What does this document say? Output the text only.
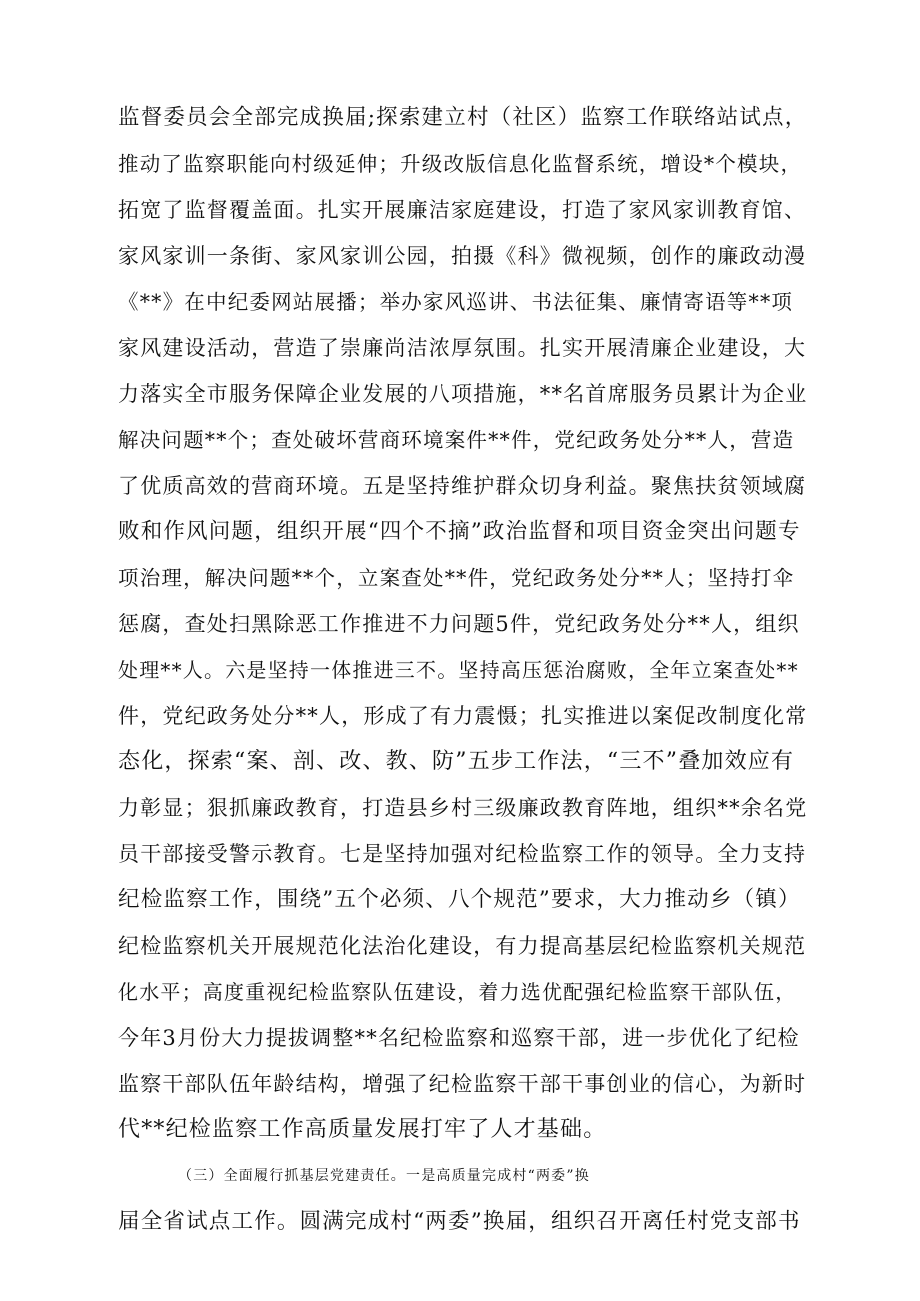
监督委员会全部完成换届;探索建立村（社区）监察工作联络站试点，
推动了监察职能向村级延伸；升级改版信息化监督系统，增设*个模块，
拓宽了监督覆盖面。扎实开展廉洁家庭建设，打造了家风家训教育馆、
家风家训一条街、家风家训公园，拍摄《科》微视频，创作的廉政动漫
《**》在中纪委网站展播；举办家风巡讲、书法征集、廉情寄语等**项
家风建设活动，营造了崇廉尚洁浓厚氛围。扎实开展清廉企业建设，大
力落实全市服务保障企业发展的八项措施，**名首席服务员累计为企业
解决问题**个；查处破坏营商环境案件**件，党纪政务处分**人，营造
了优质高效的营商环境。五是坚持维护群众切身利益。聚焦扶贫领域腐
败和作风问题，组织开展“四个不摘”政治监督和项目资金突出问题专
项治理，解决问题**个，立案查处**件，党纪政务处分**人；坚持打伞
惩腐，查处扫黑除恶工作推进不力问题5件，党纪政务处分**人，组织
处理**人。六是坚持一体推进三不。坚持高压惩治腐败，全年立案查处**
件，党纪政务处分**人，形成了有力震慑；扎实推进以案促改制度化常
态化，探索“案、剖、改、教、防”五步工作法，“三不”叠加效应有
力彰显；狠抓廉政教育，打造县乡村三级廉政教育阵地，组织**余名党
员干部接受警示教育。七是坚持加强对纪检监察工作的领导。全力支持
纪检监察工作，围绕”五个必须、八个规范”要求，大力推动乡（镇）
纪检监察机关开展规范化法治化建设，有力提高基层纪检监察机关规范
化水平；高度重视纪检监察队伍建设，着力选优配强纪检监察干部队伍，
今年3月份大力提拔调整**名纪检监察和巡察干部，进一步优化了纪检
监察干部队伍年龄结构，增强了纪检监察干部干事创业的信心，为新时
代**纪检监察工作高质量发展打牢了人才基础。
（三）全面履行抓基层党建责任。一是高质量完成村“两委”换
届全省试点工作。圆满完成村“两委”换届，组织召开离任村党支部书
